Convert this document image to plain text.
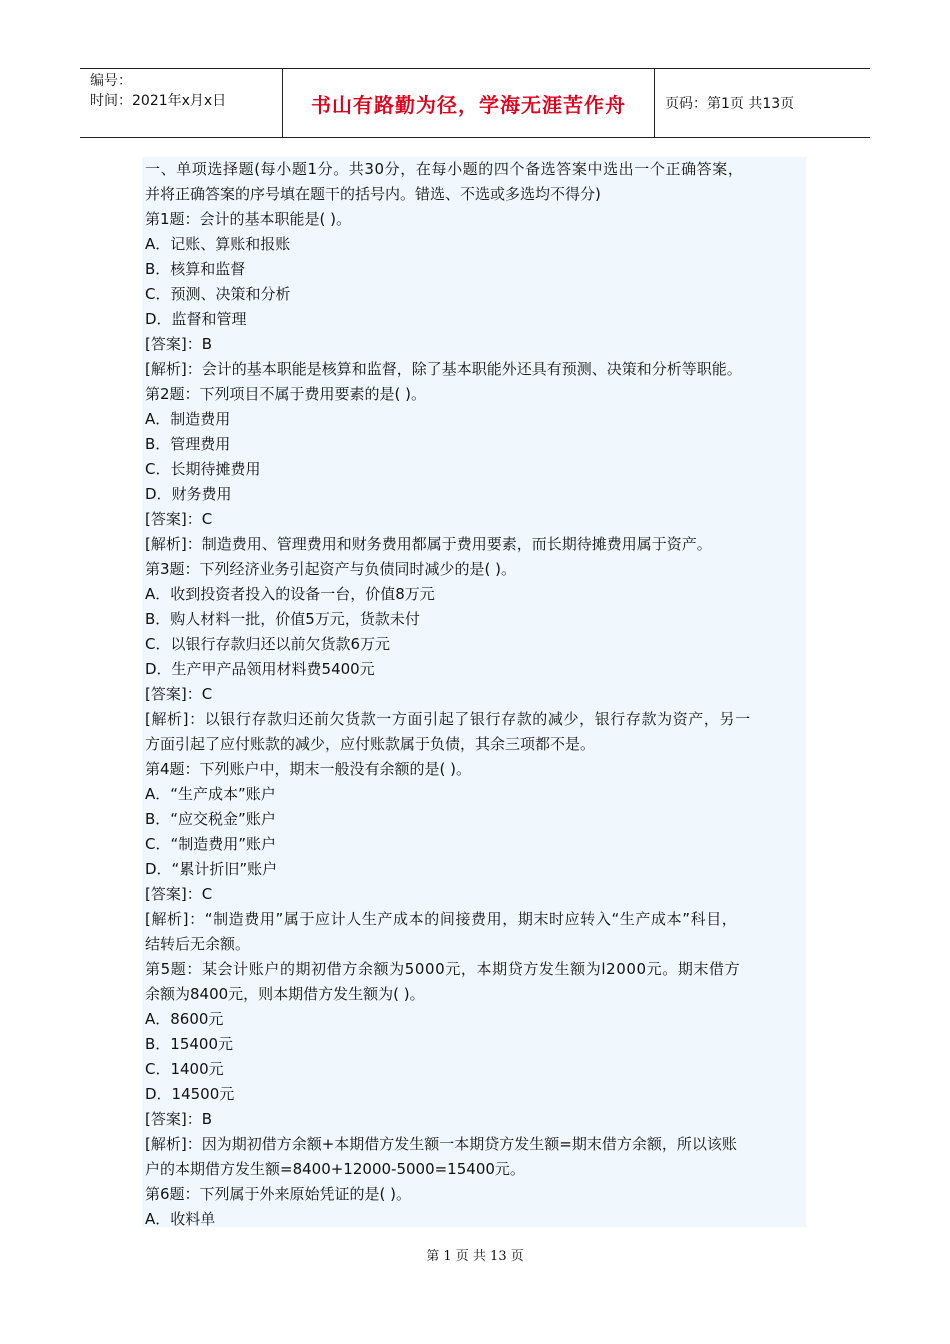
编号：
时间：2021年x月x日	书山有路勤为径，学海无涯苦作舟	页码：第1页 共13页
一、单项选择题(每小题1分。共30分，在每小题的四个备选答案中选出一个正确答案，
并将正确答案的序号填在题干的括号内。错选、不选或多选均不得分)
第1题：会计的基本职能是( )。
A．记账、算账和报账
B．核算和监督
C．预测、决策和分析
D．监督和管理
[答案]：B
[解析]：会计的基本职能是核算和监督，除了基本职能外还具有预测、决策和分析等职能。
第2题：下列项目不属于费用要素的是( )。
A．制造费用
B．管理费用
C．长期待摊费用
D．财务费用
[答案]：C
[解析]：制造费用、管理费用和财务费用都属于费用要素，而长期待摊费用属于资产。
第3题：下列经济业务引起资产与负债同时减少的是( )。
A．收到投资者投入的设备一台，价值8万元
B．购人材料一批，价值5万元，货款未付
C．以银行存款归还以前欠货款6万元
D．生产甲产品领用材料费5400元
[答案]：C
[解析]：以银行存款归还前欠货款一方面引起了银行存款的减少，银行存款为资产，另一
方面引起了应付账款的减少，应付账款属于负债，其余三项都不是。
第4题：下列账户中，期末一般没有余额的是( )。
A．“生产成本”账户
B．“应交税金”账户
C．“制造费用”账户
D．“累计折旧”账户
[答案]：C
[解析]：“制造费用”属于应计人生产成本的间接费用，期末时应转入“生产成本”科目，
结转后无余额。
第5题：某会计账户的期初借方余额为5000元，本期贷方发生额为l2000元。期末借方
余额为8400元，则本期借方发生额为( )。
A．8600元
B．15400元
C．1400元
D．14500元
[答案]：B
[解析]：因为期初借方余额+本期借方发生额一本期贷方发生额=期末借方余额，所以该账
户的本期借方发生额=8400+12000-5000=15400元。
第6题：下列属于外来原始凭证的是( )。
A．收料单
第 1 页 共 13 页
